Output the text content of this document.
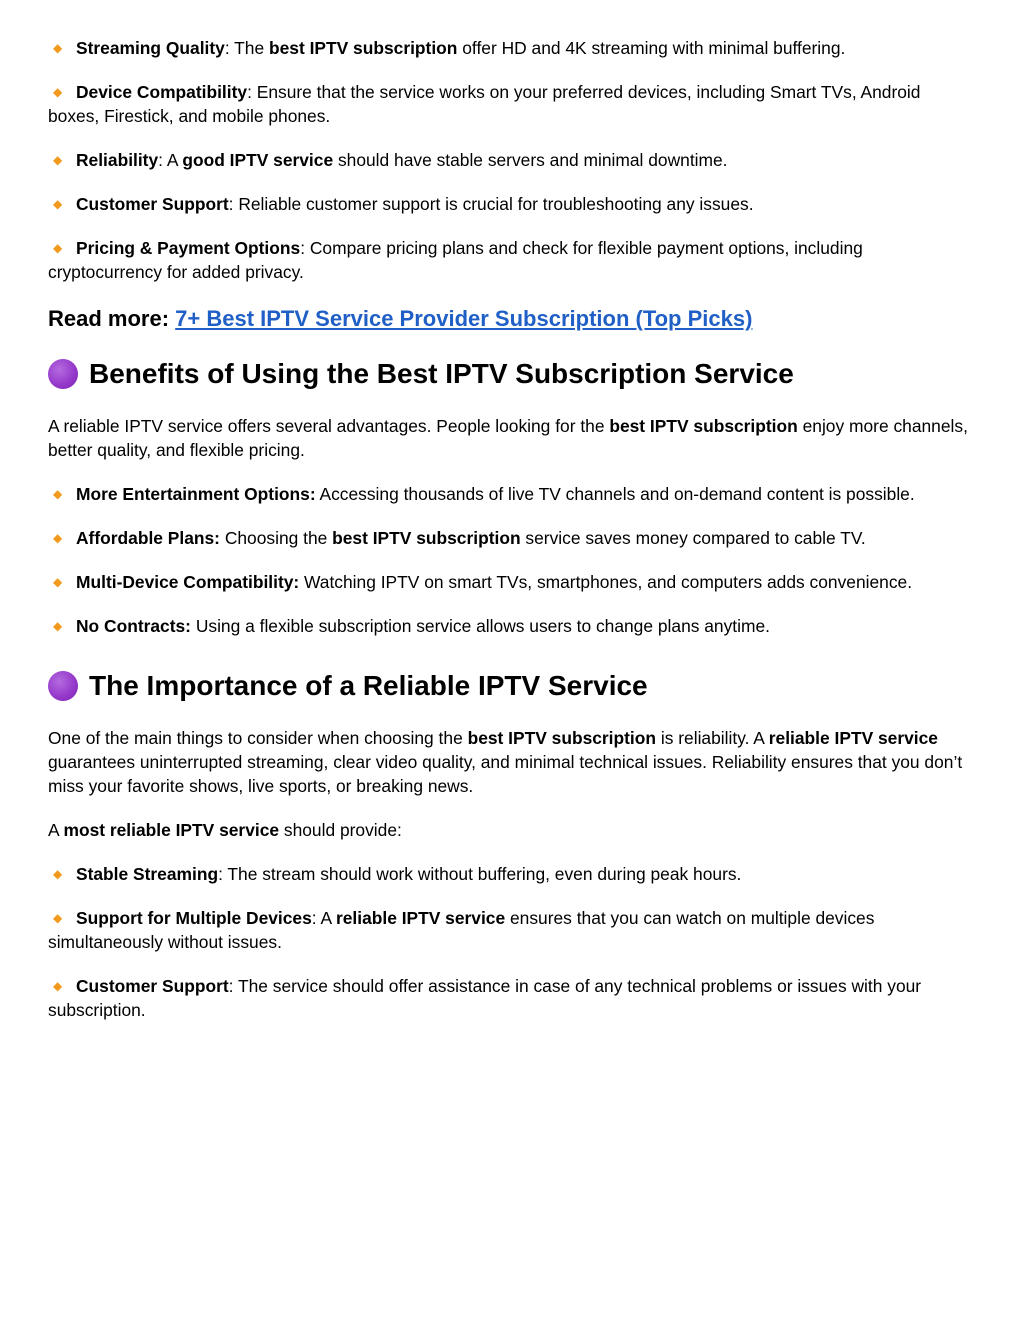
◆ Streaming Quality: The best IPTV subscription offer HD and 4K streaming with minimal buffering.

◆ Device Compatibility: Ensure that the service works on your preferred devices, including Smart TVs, Android boxes, Firestick, and mobile phones.

◆ Reliability: A good IPTV service should have stable servers and minimal downtime.

◆ Customer Support: Reliable customer support is crucial for troubleshooting any issues.

◆ Pricing & Payment Options: Compare pricing plans and check for flexible payment options, including cryptocurrency for added privacy.

Read more: 7+ Best IPTV Service Provider Subscription (Top Picks)

Benefits of Using the Best IPTV Subscription Service

A reliable IPTV service offers several advantages. People looking for the best IPTV subscription enjoy more channels, better quality, and flexible pricing.

◆ More Entertainment Options: Accessing thousands of live TV channels and on-demand content is possible.

◆ Affordable Plans: Choosing the best IPTV subscription service saves money compared to cable TV.

◆ Multi-Device Compatibility: Watching IPTV on smart TVs, smartphones, and computers adds convenience.

◆ No Contracts: Using a flexible subscription service allows users to change plans anytime.

The Importance of a Reliable IPTV Service

One of the main things to consider when choosing the best IPTV subscription is reliability. A reliable IPTV service guarantees uninterrupted streaming, clear video quality, and minimal technical issues. Reliability ensures that you don’t miss your favorite shows, live sports, or breaking news.

A most reliable IPTV service should provide:

◆ Stable Streaming: The stream should work without buffering, even during peak hours.

◆ Support for Multiple Devices: A reliable IPTV service ensures that you can watch on multiple devices simultaneously without issues.

◆ Customer Support: The service should offer assistance in case of any technical problems or issues with your subscription.
